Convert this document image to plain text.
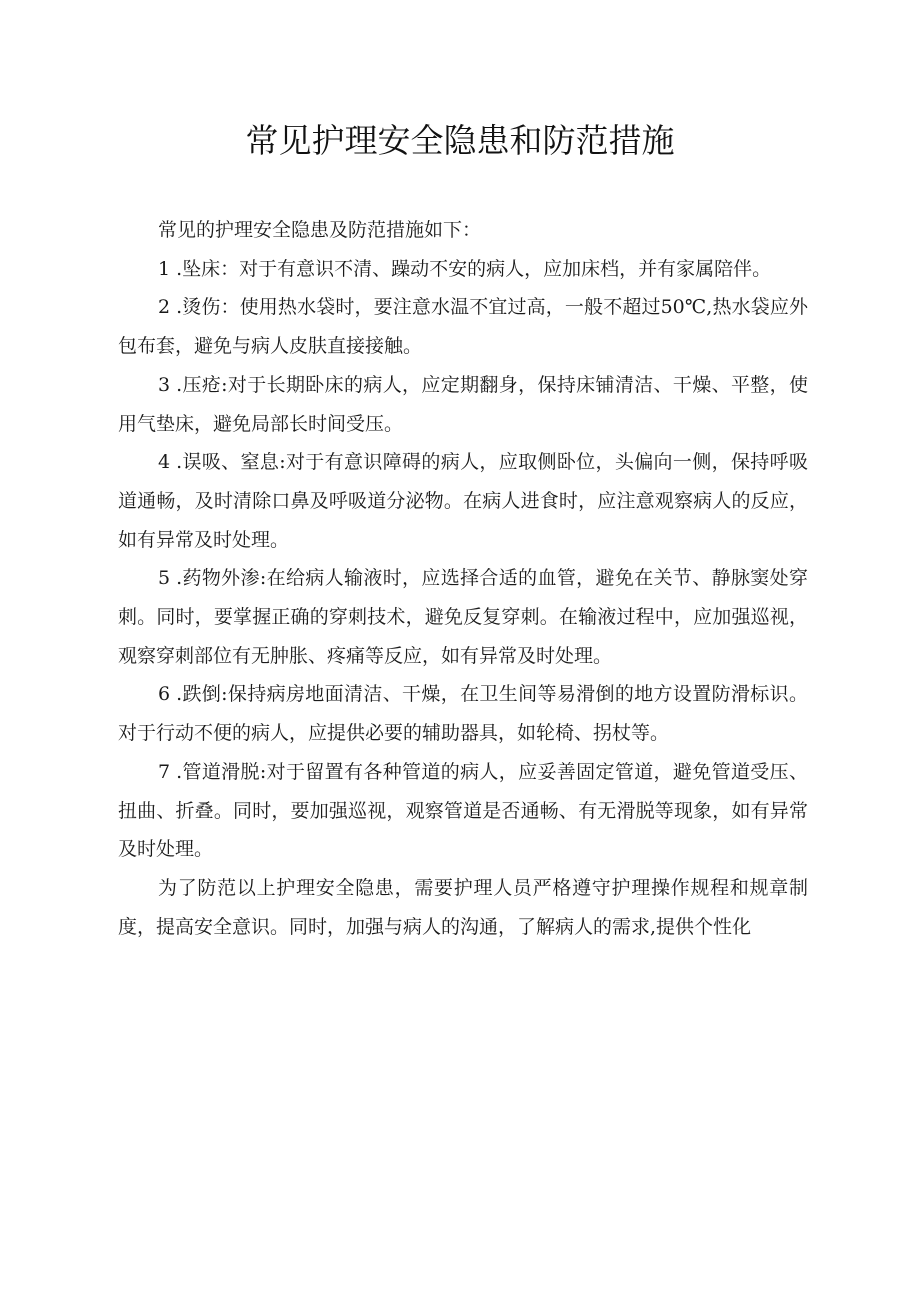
常见护理安全隐患和防范措施

常见的护理安全隐患及防范措施如下：

1 .坠床：对于有意识不清、躁动不安的病人，应加床档，并有家属陪伴。

2 .烫伤：使用热水袋时，要注意水温不宜过高，一般不超过50℃,热水袋应外包布套，避免与病人皮肤直接接触。

3 .压疮:对于长期卧床的病人，应定期翻身，保持床铺清洁、干燥、平整，使用气垫床，避免局部长时间受压。

4 .误吸、窒息:对于有意识障碍的病人，应取侧卧位，头偏向一侧，保持呼吸道通畅，及时清除口鼻及呼吸道分泌物。在病人进食时，应注意观察病人的反应，如有异常及时处理。

5 .药物外渗:在给病人输液时，应选择合适的血管，避免在关节、静脉窦处穿刺。同时，要掌握正确的穿刺技术，避免反复穿刺。在输液过程中，应加强巡视，观察穿刺部位有无肿胀、疼痛等反应，如有异常及时处理。

6 .跌倒:保持病房地面清洁、干燥，在卫生间等易滑倒的地方设置防滑标识。对于行动不便的病人，应提供必要的辅助器具，如轮椅、拐杖等。

7 .管道滑脱:对于留置有各种管道的病人，应妥善固定管道，避免管道受压、扭曲、折叠。同时，要加强巡视，观察管道是否通畅、有无滑脱等现象，如有异常及时处理。

为了防范以上护理安全隐患，需要护理人员严格遵守护理操作规程和规章制度，提高安全意识。同时，加强与病人的沟通，了解病人的需求,提供个性化
